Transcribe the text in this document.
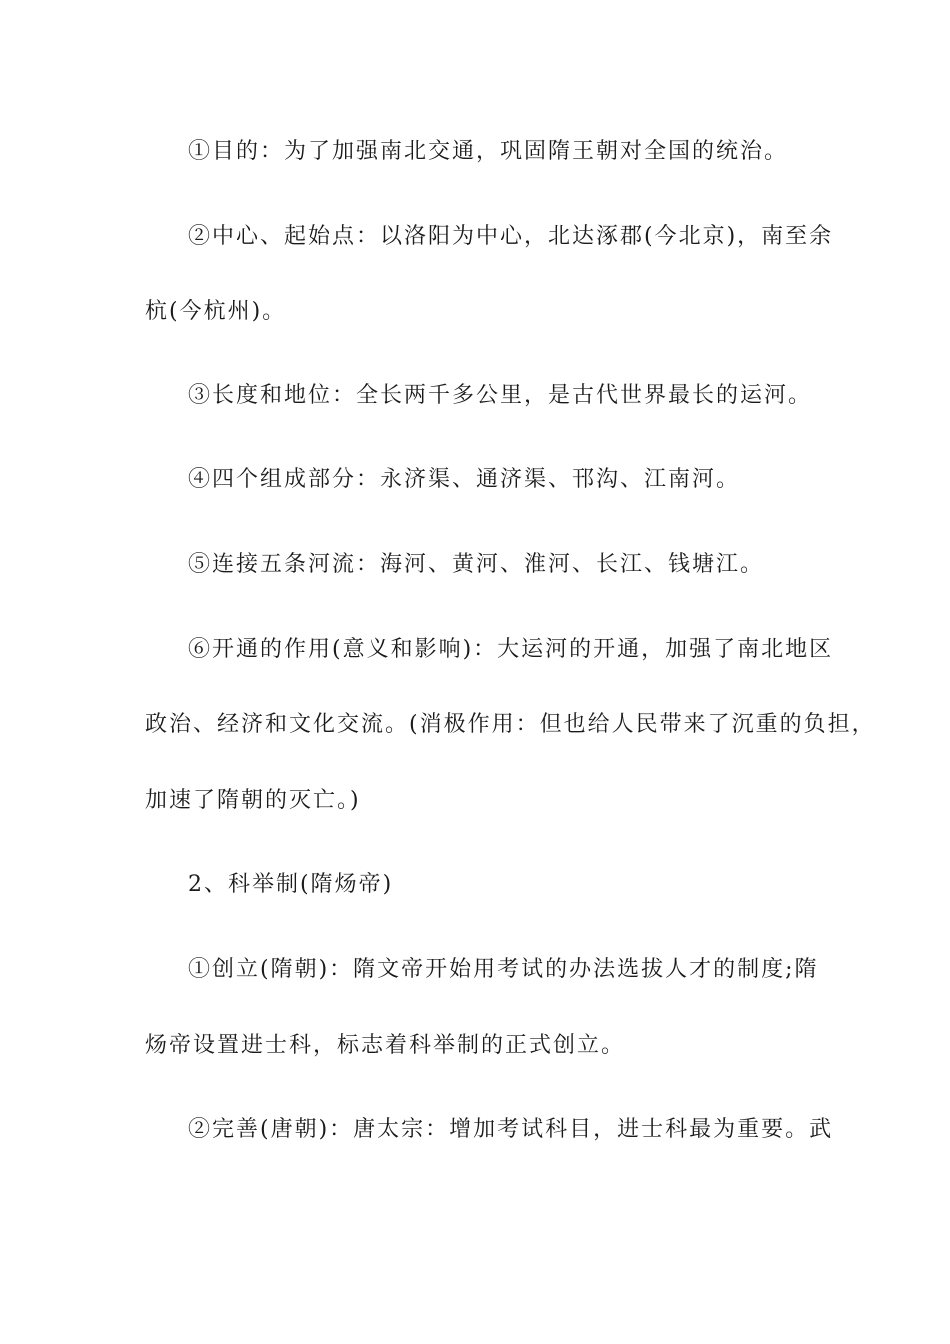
①目的：为了加强南北交通，巩固隋王朝对全国的统治。
②中心、起始点：以洛阳为中心，北达涿郡(今北京)，南至余
杭(今杭州)。
③长度和地位：全长两千多公里，是古代世界最长的运河。
④四个组成部分：永济渠、通济渠、邗沟、江南河。
⑤连接五条河流：海河、黄河、淮河、长江、钱塘江。
⑥开通的作用(意义和影响)：大运河的开通，加强了南北地区
政治、经济和文化交流。(消极作用：但也给人民带来了沉重的负担，
加速了隋朝的灭亡。)
2、科举制(隋炀帝)
①创立(隋朝)：隋文帝开始用考试的办法选拔人才的制度;隋
炀帝设置进士科，标志着科举制的正式创立。
②完善(唐朝)：唐太宗：增加考试科目，进士科最为重要。武
